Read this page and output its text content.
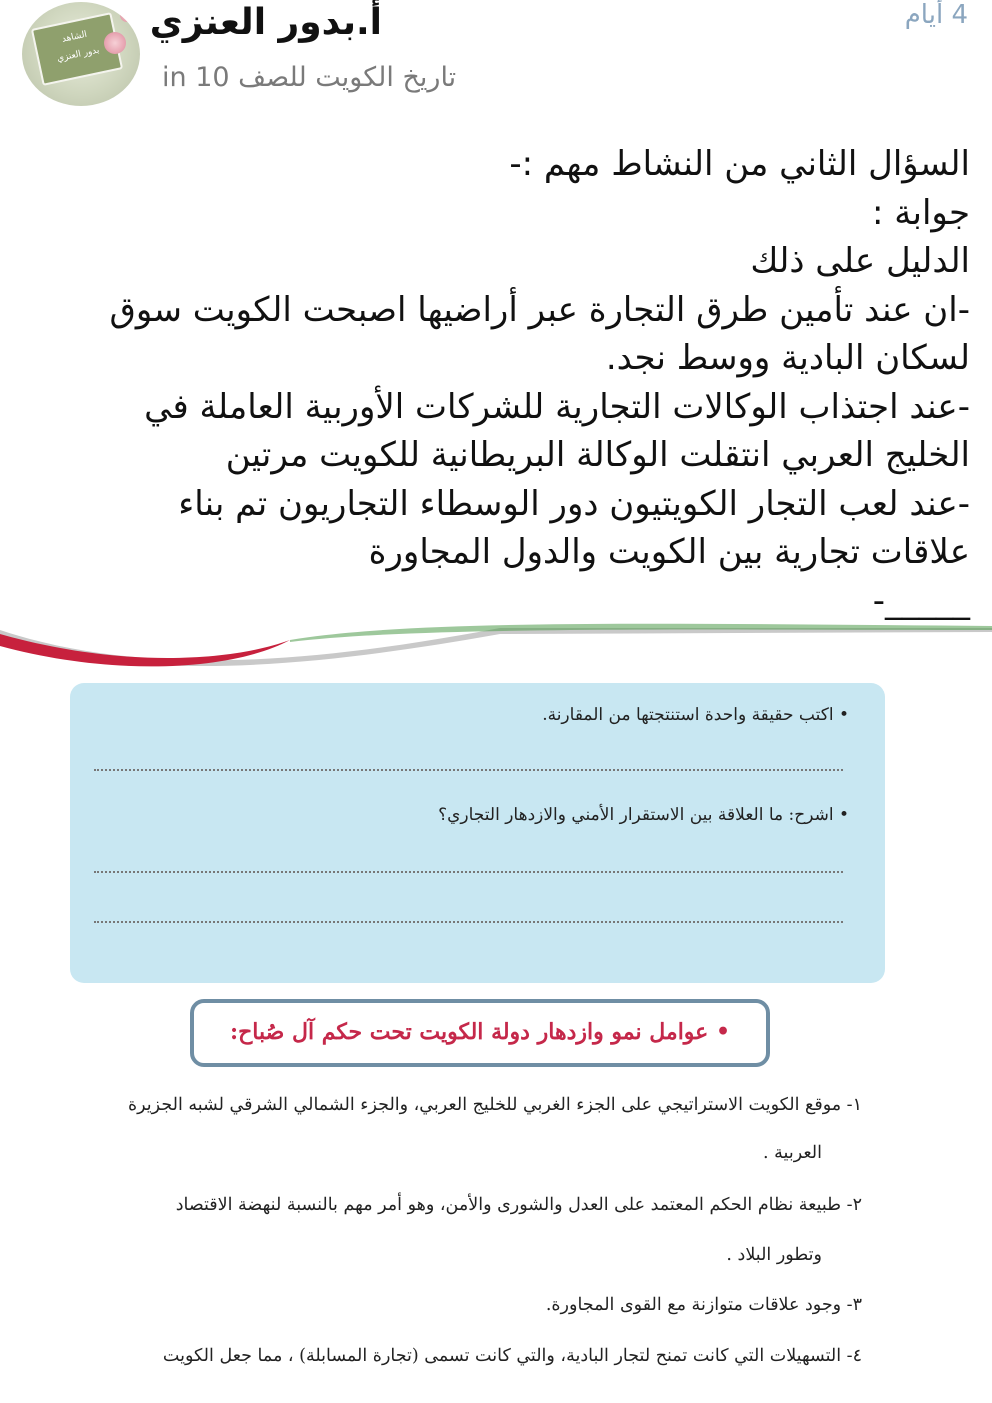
الشاهد
بدور العنزي
أ.بدور العنزي
in تاريخ الكويت للصف 10
4 أيام
السؤال الثاني من النشاط مهم :-
جوابة :
الدليل على ذلك
-ان عند تأمين طرق التجارة عبر أراضيها اصبحت الكويت سوق
لسكان البادية ووسط نجد.
-عند اجتذاب الوكالات التجارية للشركات الأوربية العاملة في
الخليج العربي انتقلت الوكالة البريطانية للكويت مرتين
-عند لعب التجار الكويتيون دور الوسطاء التجاريون تم بناء
علاقات تجارية بين الكويت والدول المجاورة
_____-
• اكتب حقيقة واحدة استنتجتها من المقارنة.
• اشرح: ما العلاقة بين الاستقرار الأمني والازدهار التجاري؟
• عوامل نمو وازدهار دولة الكويت تحت حكم آل صُباح:
١- موقع الكويت الاستراتيجي على الجزء الغربي للخليج العربي، والجزء الشمالي الشرقي لشبه الجزيرة
العربية .
٢- طبيعة نظام الحكم المعتمد على العدل والشورى والأمن، وهو أمر مهم بالنسبة لنهضة الاقتصاد
وتطور البلاد .
٣- وجود علاقات متوازنة مع القوى المجاورة.
٤- التسهيلات التي كانت تمنح لتجار البادية، والتي كانت تسمى (تجارة المسابلة) ، مما جعل الكويت
